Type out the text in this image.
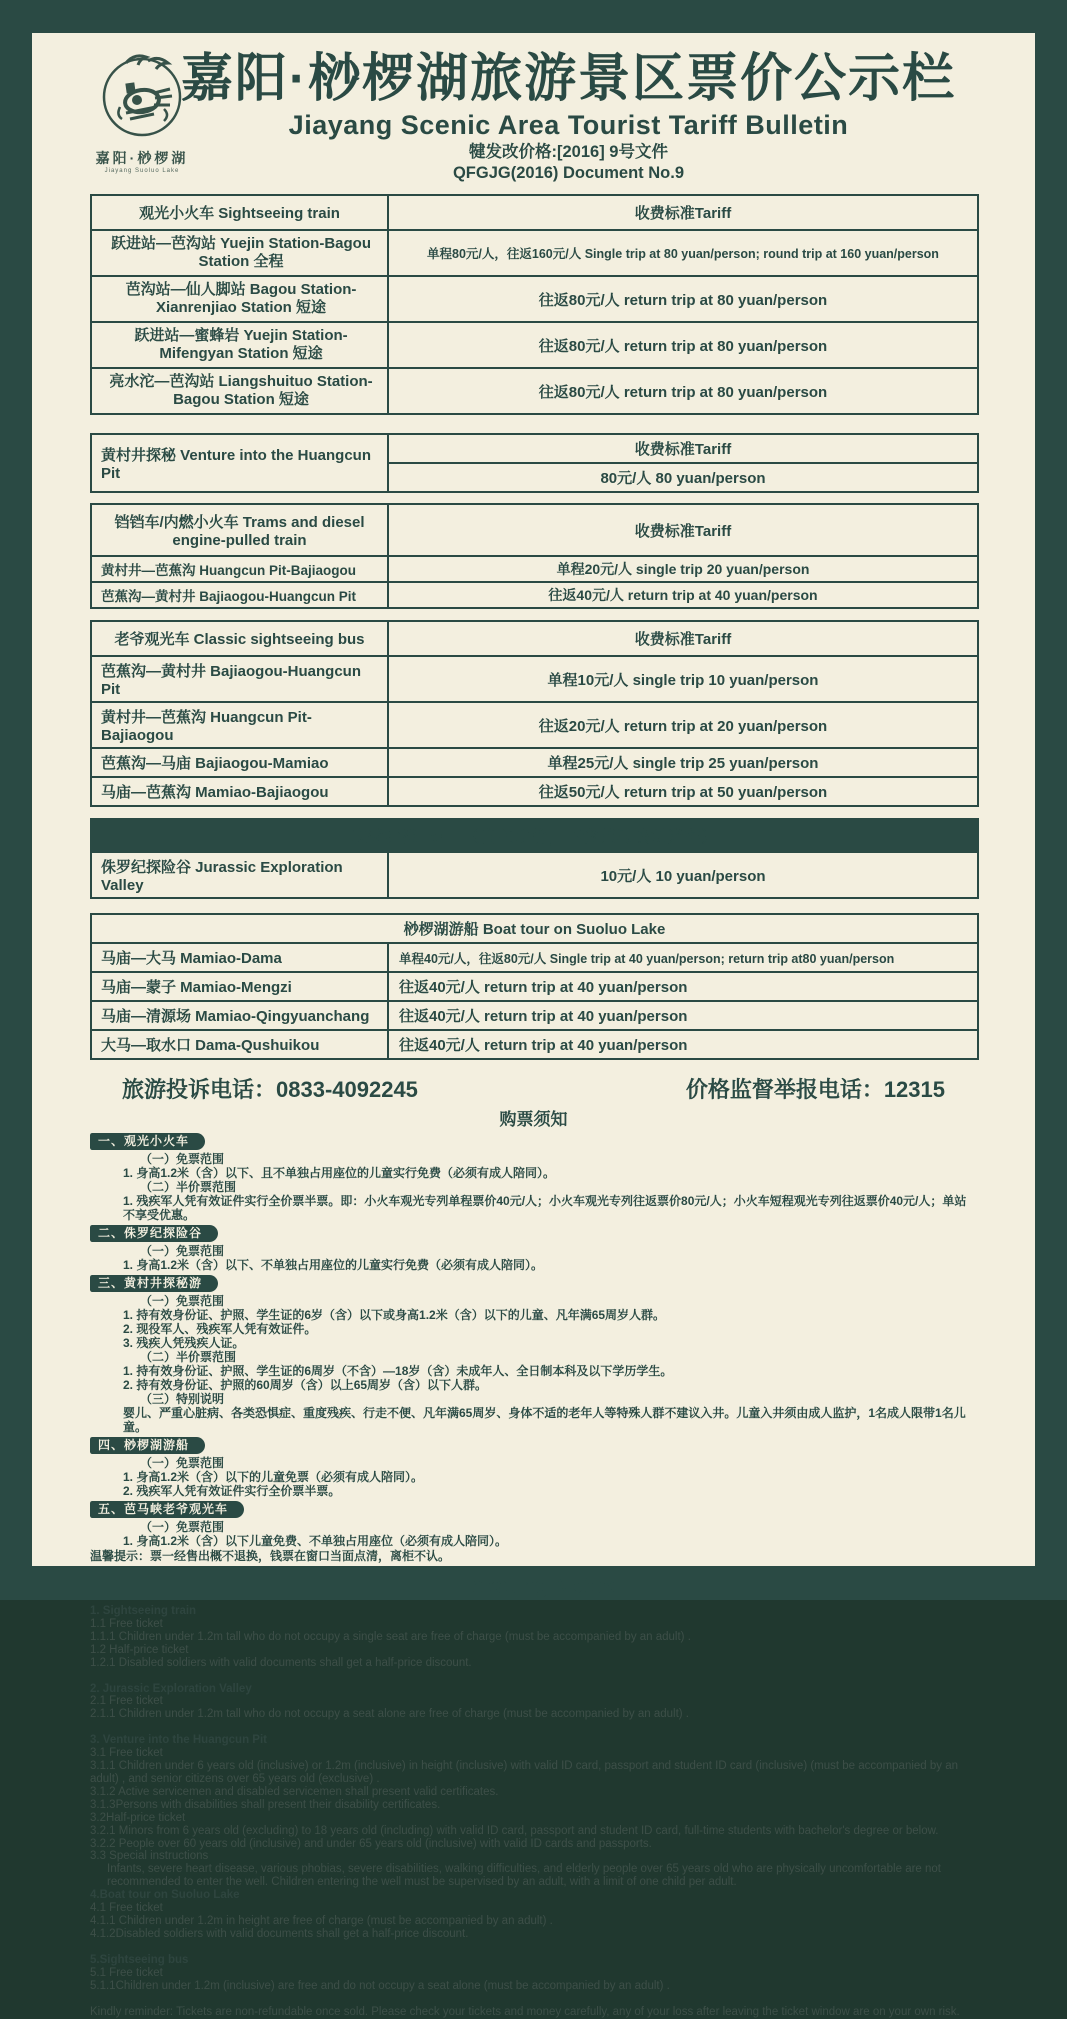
嘉阳·桫椤湖
Jiayang Suoluo Lake
嘉阳·桫椤湖旅游景区票价公示栏
Jiayang Scenic Area Tourist Tariff Bulletin
犍发改价格:[2016] 9号文件
QFGJG(2016) Document No.9
观光小火车 Sightseeing train	收费标准Tariff
跃进站—芭沟站 Yuejin Station-Bagou Station 全程	单程80元/人，往返160元/人 Single trip at 80 yuan/person; round trip at 160 yuan/person
芭沟站—仙人脚站 Bagou Station-Xianrenjiao Station 短途	往返80元/人 return trip at 80 yuan/person
跃进站—蜜蜂岩 Yuejin Station-Mifengyan Station 短途	往返80元/人 return trip at 80 yuan/person
亮水沱—芭沟站 Liangshuituo Station-Bagou Station 短途	往返80元/人 return trip at 80 yuan/person
黄村井探秘 Venture into the Huangcun Pit	收费标准Tariff
80元/人 80 yuan/person
铛铛车/内燃小火车 Trams and diesel engine-pulled train	收费标准Tariff
黄村井—芭蕉沟 Huangcun Pit-Bajiaogou	单程20元/人 single trip 20 yuan/person
芭蕉沟—黄村井 Bajiaogou-Huangcun Pit	往返40元/人 return trip at 40 yuan/person
老爷观光车 Classic sightseeing bus	收费标准Tariff
芭蕉沟—黄村井 Bajiaogou-Huangcun Pit	单程10元/人 single trip 10 yuan/person
黄村井—芭蕉沟 Huangcun Pit-Bajiaogou	往返20元/人 return trip at 20 yuan/person
芭蕉沟—马庙 Bajiaogou-Mamiao	单程25元/人 single trip 25 yuan/person
马庙—芭蕉沟 Mamiao-Bajiaogou	往返50元/人 return trip at 50 yuan/person
收费标准Tariff（自主定价，不含芭马峡观光车）
侏罗纪探险谷 Jurassic Exploration Valley	10元/人 10 yuan/person
桫椤湖游船 Boat tour on Suoluo Lake	
马庙—大马 Mamiao-Dama	单程40元/人，往返80元/人 Single trip at 40 yuan/person; return trip at80 yuan/person
马庙—蒙子 Mamiao-Mengzi	往返40元/人 return trip at 40 yuan/person
马庙—清源场 Mamiao-Qingyuanchang	往返40元/人 return trip at 40 yuan/person
大马—取水口 Dama-Qushuikou	往返40元/人 return trip at 40 yuan/person
旅游投诉电话：0833-4092245	价格监督举报电话：12315
购票须知
一、观光小火车
（一）免票范围
1. 身高1.2米（含）以下、且不单独占用座位的儿童实行免费（必须有成人陪同）。
（二）半价票范围
1. 残疾军人凭有效证件实行全价票半票。即：小火车观光专列单程票价40元/人；小火车观光专列往返票价80元/人；小火车短程观光专列往返票价40元/人；单站不享受优惠。
二、侏罗纪探险谷
（一）免票范围
1. 身高1.2米（含）以下、不单独占用座位的儿童实行免费（必须有成人陪同）。
三、黄村井探秘游
（一）免票范围
1. 持有效身份证、护照、学生证的6岁（含）以下或身高1.2米（含）以下的儿童、凡年满65周岁人群。
2. 现役军人、残疾军人凭有效证件。
3. 残疾人凭残疾人证。
（二）半价票范围
1. 持有效身份证、护照、学生证的6周岁（不含）—18岁（含）未成年人、全日制本科及以下学历学生。
2. 持有效身份证、护照的60周岁（含）以上65周岁（含）以下人群。
（三）特别说明
婴儿、严重心脏病、各类恐惧症、重度残疾、行走不便、凡年满65周岁、身体不适的老年人等特殊人群不建议入井。儿童入井须由成人监护，1名成人限带1名儿童。
四、桫椤湖游船
（一）免票范围
1. 身高1.2米（含）以下的儿童免票（必须有成人陪同）。
2. 残疾军人凭有效证件实行全价票半票。
五、芭马峡老爷观光车
（一）免票范围
1. 身高1.2米（含）以下儿童免费、不单独占用座位（必须有成人陪同）。
温馨提示：票一经售出概不退换，钱票在窗口当面点清，离柜不认。
Ticketing Notes
1. Sightseeing train
1.1 Free ticket
1.1.1 Children under 1.2m tall who do not occupy a single seat are free of charge (must be accompanied by an adult) .
1.2 Half-price ticket
1.2.1 Disabled soldiers with valid documents shall get a half-price discount.
2. Jurassic Exploration Valley
2.1 Free ticket
2.1.1 Children under 1.2m tall who do not occupy a seat alone are free of charge (must be accompanied by an adult) .
3. Venture into the Huangcun Pit
3.1 Free ticket
3.1.1 Children under 6 years old (inclusive) or 1.2m (inclusive) in height (inclusive) with valid ID card, passport and student ID card (inclusive) (must be accompanied by an adult) , and senior citizens over 65 years old (exclusive) .
3.1.2 Active servicemen and disabled servicemen shall present valid certificates.
3.1.3Persons with disabilities shall present their disability certificates.
3.2Half-price ticket
3.2.1 Minors from 6 years old (excluding) to 18 years old (including) with valid ID card, passport and student ID card, full-time students with bachelor's degree or below.
3.2.2 People over 60 years old (inclusive) and under 65 years old (inclusive) with valid ID cards and passports.
3.3 Special instructions
Infants, severe heart disease, various phobias, severe disabilities, walking difficulties, and elderly people over 65 years old who are physically uncomfortable are not recommended to enter the well. Children entering the well must be supervised by an adult, with a limit of one child per adult.
4.Boat tour on Suoluo Lake
4.1 Free ticket
4.1.1 Children under 1.2m in height are free of charge (must be accompanied by an adult) .
4.1.2Disabled soldiers with valid documents shall get a half-price discount.
5.Sightseeing bus
5.1 Free ticket
5.1.1Children under 1.2m (inclusive) are free and do not occupy a seat alone (must be accompanied by an adult) .
Kindly reminder: Tickets are non-refundable once sold. Please check your tickets and money carefully, any of your loss after leaving the ticket window are on your own risk.
